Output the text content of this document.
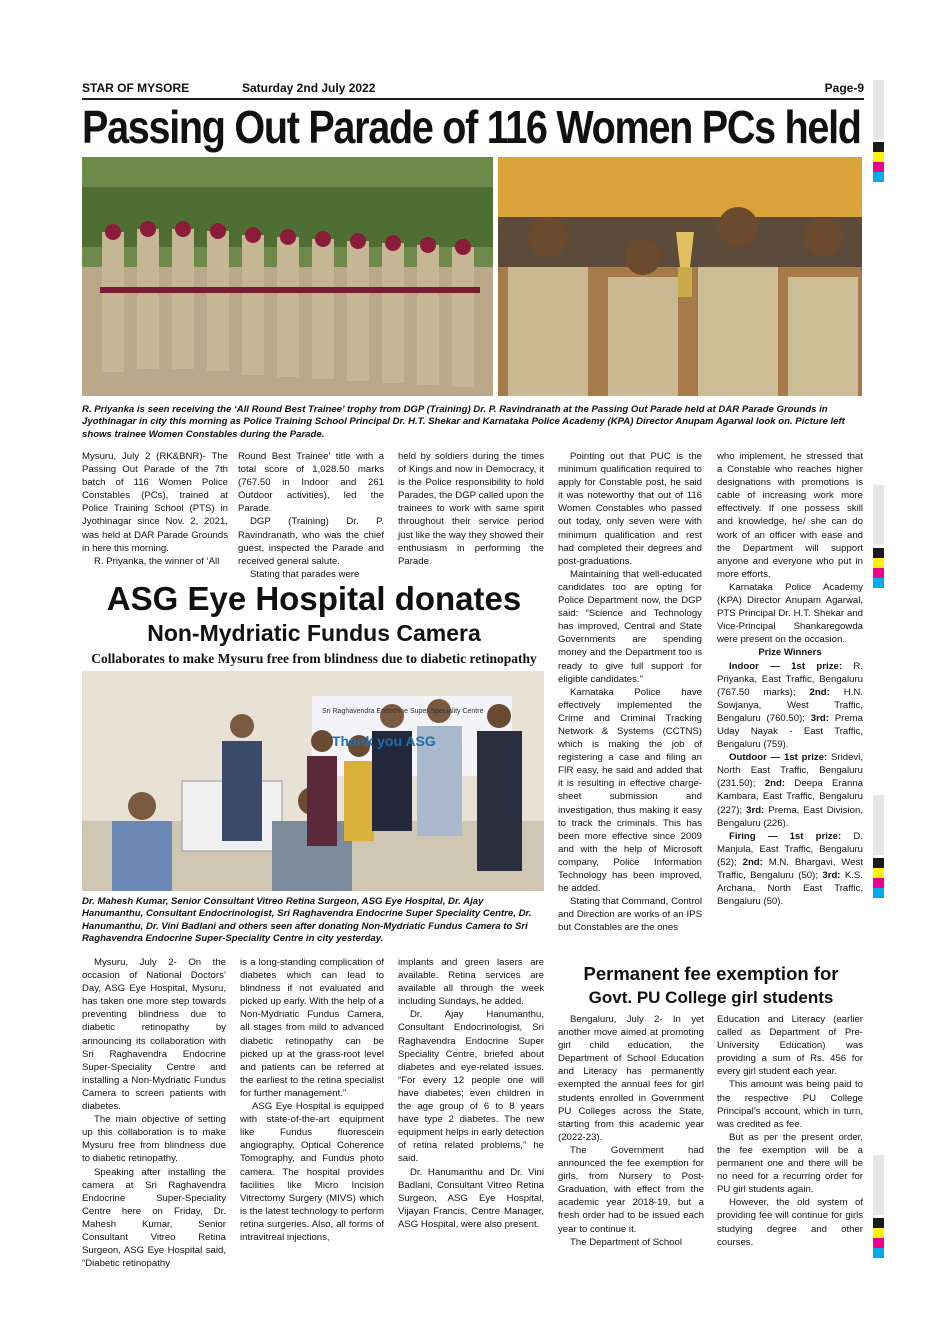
STAR OF MYSORE	Saturday 2nd July 2022	Page-9
Passing Out Parade of 116 Women PCs held
R. Priyanka is seen receiving the ‘All Round Best Trainee’ trophy from DGP (Training) Dr. P. Ravindranath at the Passing Out Parade held at DAR Parade Grounds in Jyothinagar in city this morning as Police Training School Principal Dr. H.T. Shekar and Karnataka Police Academy (KPA) Director Anupam Agarwal look on. Picture left shows trainee Women Constables during the Parade.

Mysuru, July 2 (RK&BNR)- The Passing Out Parade of the 7th batch of 116 Women Police Constables (PCs), trained at Police Training School (PTS) in Jyothinagar since Nov. 2, 2021, was held at DAR Parade Grounds in here this morning.

R. Priyanka, the winner of ‘All

Round Best Trainee’ title with a total score of 1,028.50 marks (767.50 in Indoor and 261 Outdoor activities), led the Parade.

DGP (Training) Dr. P. Ravindranath, who was the chief guest, inspected the Parade and received general salute.

Stating that parades were

held by soldiers during the times of Kings and now in Democracy, it is the Police responsibility to hold Parades, the DGP called upon the trainees to work with same spirit throughout their service period just like the way they showed their enthusiasm in performing the Parade.

Pointing out that PUC is the minimum qualification required to apply for Constable post, he said it was noteworthy that out of 116 Women Constables who passed out today, only seven were with minimum qualification and rest had completed their degrees and post-graduations.

Maintaining that well-educated candidates too are opting for Police Department now, the DGP said: “Science and Technology has improved, Central and State Governments are spending money and the Department too is ready to give full support for eligible candidates.”

Karnataka Police have effectively implemented the Crime and Criminal Tracking Network & Systems (CCTNS) which is making the job of registering a case and filing an FIR easy, he said and added that it is resulting in effective charge-sheet submission and investigation, thus making it easy to track the criminals. This has been more effective since 2009 and with the help of Microsoft company, Police Information Technology has been improved, he added.

Stating that Command, Control and Direction are works of an IPS but Constables are the ones

who implement, he stressed that a Constable who reaches higher designations with promotions is cable of increasing work more effectively. If one possess skill and knowledge, he/ she can do work of an officer with ease and the Department will support anyone and everyone who put in more efforts.

Karnataka Police Academy (KPA) Director Anupam Agarwal, PTS Principal Dr. H.T. Shekar and Vice-Principal Shankaregowda were present on the occasion.

Prize Winners

Indoor — 1st prize: R. Priyanka, East Traffic, Bengaluru (767.50 marks); 2nd: H.N. Sowjanya, West Traffic, Bengaluru (760.50); 3rd: Prema Uday Nayak - East Traffic, Bengaluru (759).

Outdoor — 1st prize: Sridevi, North East Traffic, Bengaluru (231.50); 2nd: Deepa Eranna Kambara, East Traffic, Bengaluru (227); 3rd: Prema, East Division, Bengaluru (226).

Firing — 1st prize: D. Manjula, East Traffic, Bengaluru (52); 2nd: M.N. Bhargavi, West Traffic, Bengaluru (50); 3rd: K.S. Archana, North East Traffic, Bengaluru (50).

ASG Eye Hospital donates
Non-Mydriatic Fundus Camera
Collaborates to make Mysuru free from blindness due to diabetic retinopathy
Sri Raghavendra Endocrine Super Speciality Centre
Thank you ASG
Dr. Mahesh Kumar, Senior Consultant Vitreo Retina Surgeon, ASG Eye Hospital, Dr. Ajay Hanumanthu, Consultant Endocrinologist, Sri Raghavendra Endocrine Super Speciality Centre, Dr. Hanumanthu, Dr. Vini Badlani and others seen after donating Non-Mydriatic Fundus Camera to Sri Raghavendra Endocrine Super-Speciality Centre in city yesterday.

Mysuru, July 2- On the occasion of National Doctors’ Day, ASG Eye Hospital, Mysuru, has taken one more step towards preventing blindness due to diabetic retinopathy by announcing its collaboration with Sri Raghavendra Endocrine Super-Speciality Centre and installing a Non-Mydriatic Fundus Camera to screen patients with diabetes.

The main objective of setting up this collaboration is to make Mysuru free from blindness due to diabetic retinopathy.

Speaking after installing the camera at Sri Raghavendra Endocrine Super-Speciality Centre here on Friday, Dr. Mahesh Kumar, Senior Consultant Vitreo Retina Surgeon, ASG Eye Hospital said, “Diabetic retinopathy

is a long-standing complication of diabetes which can lead to blindness if not evaluated and picked up early. With the help of a Non-Mydriatic Fundus Camera, all stages from mild to advanced diabetic retinopathy can be picked up at the grass-root level and patients can be referred at the earliest to the retina specialist for further management.”

ASG Eye Hospital is equipped with state-of-the-art equipment like Fundus fluorescein angiography, Optical Coherence Tomography, and Fundus photo camera. The hospital provides facilities like Micro Incision Vitrectomy Surgery (MIVS) which is the latest technology to perform retina surgeries. Also, all forms of intravitreal injections,

implants and green lasers are available. Retina services are available all through the week including Sundays, he added.

Dr. Ajay Hanumanthu, Consultant Endocrinologist, Sri Raghavendra Endocrine Super Speciality Centre, briefed about diabetes and eye-related issues. “For every 12 people one will have diabetes; even children in the age group of 6 to 8 years have type 2 diabetes. The new equipment helps in early detection of retina related problems,” he said.

Dr. Hanumanthu and Dr. Vini Badlani, Consultant Vitreo Retina Surgeon, ASG Eye Hospital, Vijayan Francis, Centre Manager, ASG Hospital, were also present.

Permanent fee exemption for
Govt. PU College girl students

Bengaluru, July 2- In yet another move aimed at promoting girl child education, the Department of School Education and Literacy has permanently exempted the annual fees for girl students enrolled in Government PU Colleges across the State, starting from this academic year (2022-23).

The Government had announced the fee exemption for girls, from Nursery to Post-Graduation, with effect from the academic year 2018-19, but a fresh order had to be issued each year to continue it.

The Department of School

Education and Literacy (earlier called as Department of Pre-University Education) was providing a sum of Rs. 456 for every girl student each year.

This amount was being paid to the respective PU College Principal’s account, which in turn, was credited as fee.

But as per the present order, the fee exemption will be a permanent one and there will be no need for a recurring order for PU girl students again.

However, the old system of providing fee will continue for girls studying degree and other courses.
